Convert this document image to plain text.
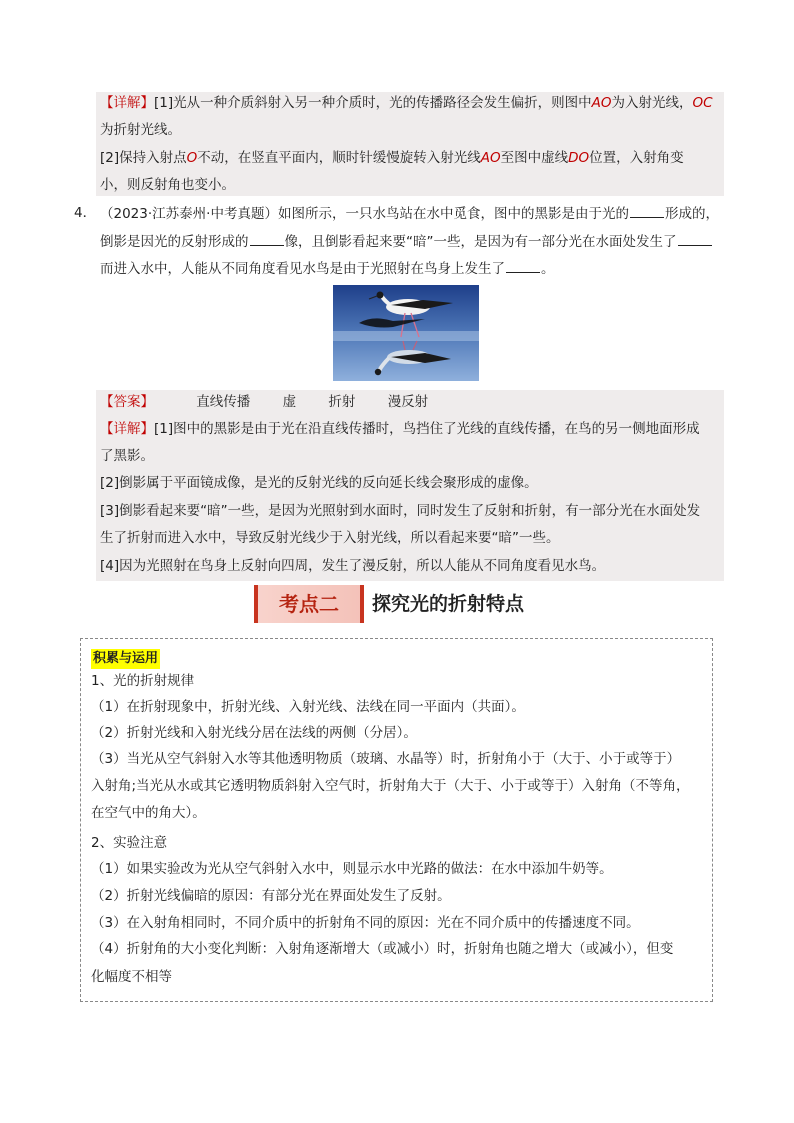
【详解】[1]光从一种介质斜射入另一种介质时，光的传播路径会发生偏折，则图中AO为入射光线，OC
为折射光线。
[2]保持入射点O不动，在竖直平面内，顺时针缓慢旋转入射光线AO至图中虚线DO位置，入射角变
小，则反射角也变小。
4． （2023·江苏泰州·中考真题）如图所示，一只水鸟站在水中觅食，图中的黑影是由于光的	形成的，
倒影是因光的反射形成的	像，且倒影看起来要“暗”一些，是因为有一部分光在水面处发生了
而进入水中，人能从不同角度看见水鸟是由于光照射在鸟身上发生了	。
【答案】	直线传播 虚 折射 漫反射
【详解】[1]图中的黑影是由于光在沿直线传播时，鸟挡住了光线的直线传播，在鸟的另一侧地面形成
了黑影。
[2]倒影属于平面镜成像，是光的反射光线的反向延长线会聚形成的虚像。
[3]倒影看起来要“暗”一些，是因为光照射到水面时，同时发生了反射和折射，有一部分光在水面处发
生了折射而进入水中，导致反射光线少于入射光线，所以看起来要“暗”一些。
[4]因为光照射在鸟身上反射向四周，发生了漫反射，所以人能从不同角度看见水鸟。
考点二	探究光的折射特点
积累与运用
1、光的折射规律
（1）在折射现象中，折射光线、入射光线、法线在同一平面内（共面）。
（2）折射光线和入射光线分居在法线的两侧（分居）。
（3）当光从空气斜射入水等其他透明物质（玻璃、水晶等）时，折射角小于（大于、小于或等于）
入射角;当光从水或其它透明物质斜射入空气时，折射角大于（大于、小于或等于）入射角（不等角，
在空气中的角大）。
2、实验注意
（1）如果实验改为光从空气斜射入水中，则显示水中光路的做法：在水中添加牛奶等。
（2）折射光线偏暗的原因：有部分光在界面处发生了反射。
（3）在入射角相同时，不同介质中的折射角不同的原因：光在不同介质中的传播速度不同。
（4）折射角的大小变化判断：入射角逐渐增大（或减小）时，折射角也随之增大（或减小），但变
化幅度不相等
